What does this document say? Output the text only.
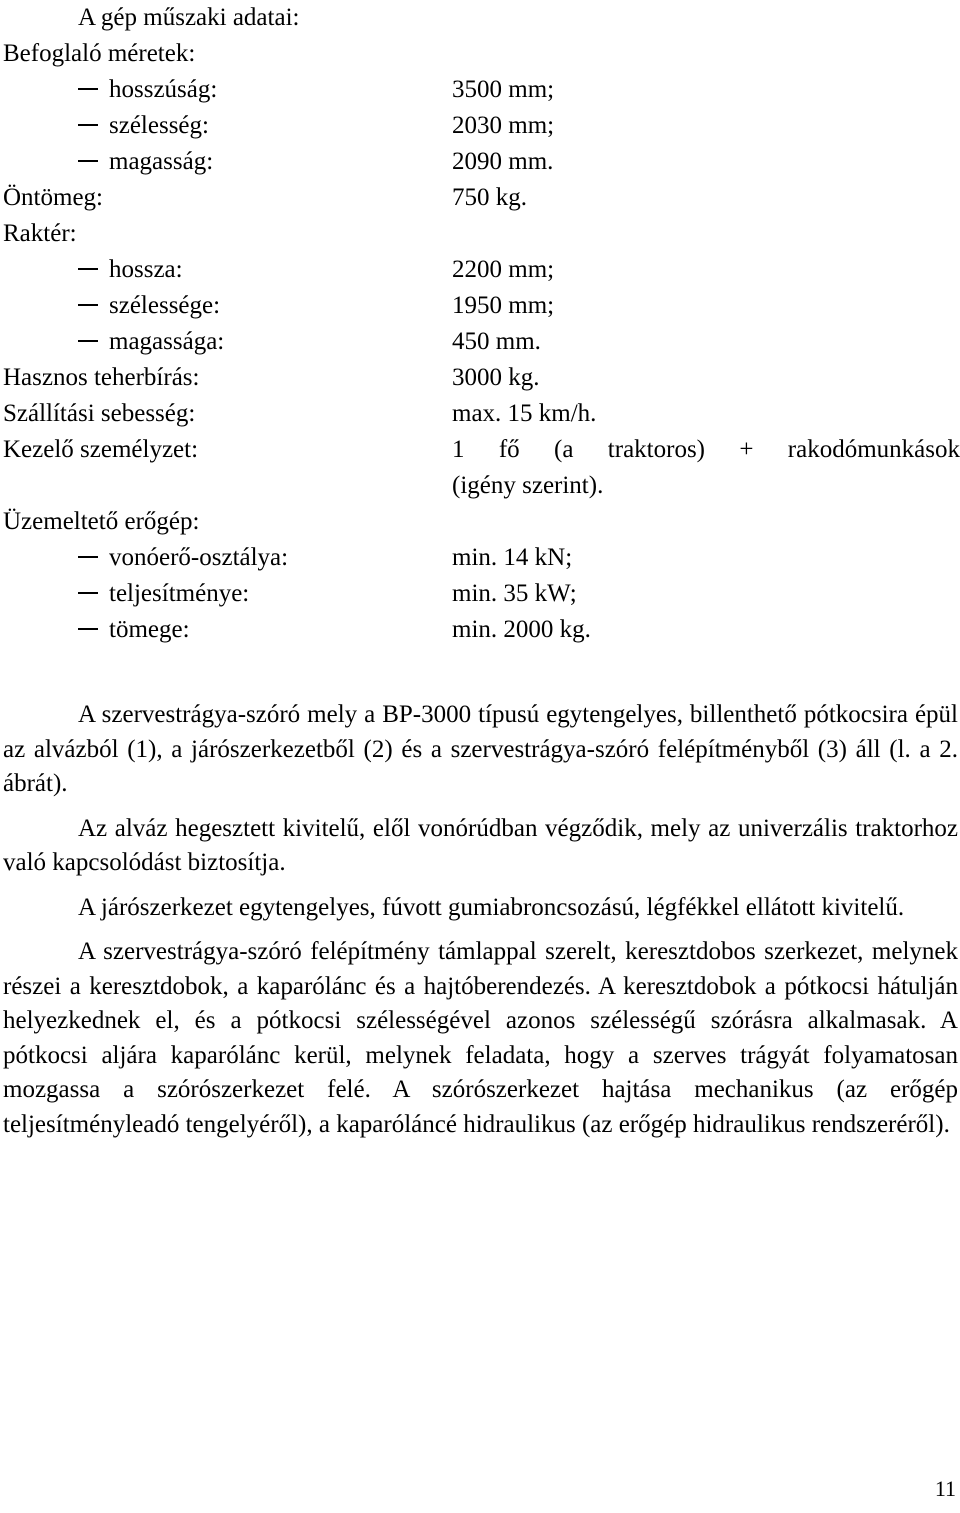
A gép műszaki adatai:
Befoglaló méretek:
hosszúság:	3500 mm;
szélesség:	2030 mm;
magasság:	2090 mm.
Öntömeg:	750 kg.
Raktér:
hossza:	2200 mm;
szélessége:	1950 mm;
magassága:	450 mm.
Hasznos teherbírás:	3000 kg.
Szállítási sebesség:	max. 15 km/h.
Kezelő személyzet:	1 fő (a traktoros) + rakodómunkások
(igény szerint).
Üzemeltető erőgép:
vonóerő-osztálya:	min. 14 kN;
teljesítménye:	min. 35 kW;
tömege:	min. 2000 kg.

A szervestrágya-szóró mely a BP-3000 típusú egytengelyes, billenthető pótkocsira épül az alvázból (1), a járószerkezetből (2) és a szervestrágya-szóró felépítményből (3) áll (l. a 2. ábrát).

Az alváz hegesztett kivitelű, elől vonórúdban végződik, mely az univerzális traktorhoz való kapcsolódást biztosítja.

A járószerkezet egytengelyes, fúvott gumiabroncsozású, légfékkel ellátott kivitelű.

A szervestrágya-szóró felépítmény támlappal szerelt, keresztdobos szerkezet, melynek részei a keresztdobok, a kaparólánc és a hajtóberendezés. A keresztdobok a pótkocsi hátulján helyezkednek el, és a pótkocsi szélességével azonos szélességű szórásra alkalmasak. A pótkocsi aljára kaparólánc kerül, melynek feladata, hogy a szerves trágyát folyamatosan mozgassa a szórószerkezet felé. A szórószerkezet hajtása mechanikus (az erőgép teljesítményleadó tengelyéről), a kaparóláncé hidraulikus (az erőgép hidraulikus rendszeréről).

11
